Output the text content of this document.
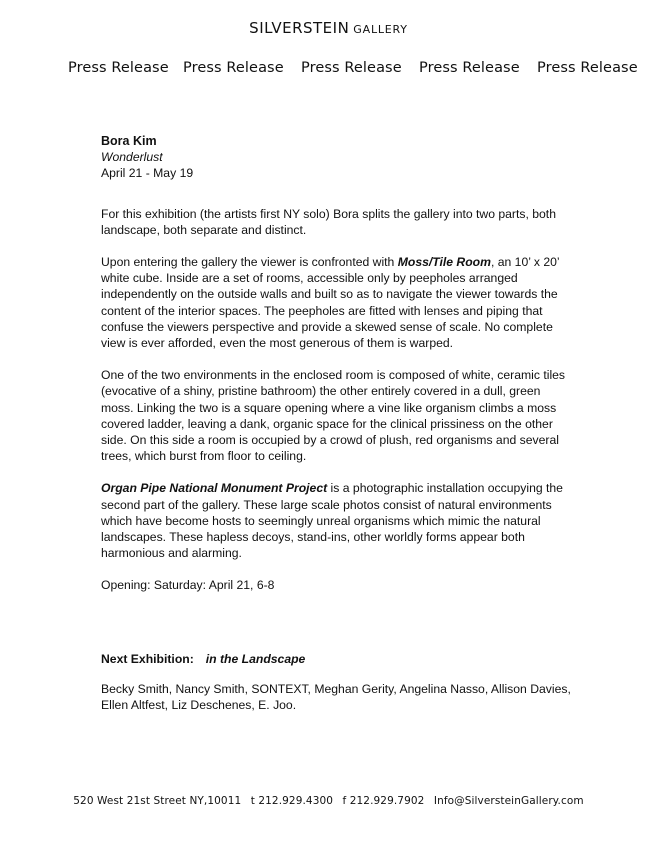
SILVERSTEIN GALLERY
Press Release Press Release Press Release Press Release Press Release
Bora Kim
Wonderlust
April 21 - May 19

For this exhibition (the artists first NY solo) Bora splits the gallery into two parts, both landscape, both separate and distinct.

Upon entering the gallery the viewer is confronted with Moss/Tile Room, an 10’ x 20’ white cube. Inside are a set of rooms, accessible only by peepholes arranged independently on the outside walls and built so as to navigate the viewer towards the content of the interior spaces. The peepholes are fitted with lenses and piping that confuse the viewers perspective and provide a skewed sense of scale. No complete view is ever afforded, even the most generous of them is warped.

One of the two environments in the enclosed room is composed of white, ceramic tiles (evocative of a shiny, pristine bathroom) the other entirely covered in a dull, green moss. Linking the two is a square opening where a vine like organism climbs a moss covered ladder, leaving a dank, organic space for the clinical prissiness on the other side. On this side a room is occupied by a crowd of plush, red organisms and several trees, which burst from floor to ceiling.

Organ Pipe National Monument Project is a photographic installation occupying the second part of the gallery. These large scale photos consist of natural environments which have become hosts to seemingly unreal organisms which mimic the natural landscapes. These hapless decoys, stand-ins, other worldly forms appear both harmonious and alarming.

Opening: Saturday: April 21, 6-8

Next Exhibition: in the Landscape
Becky Smith, Nancy Smith, SONTEXT, Meghan Gerity, Angelina Nasso, Allison Davies, Ellen Altfest, Liz Deschenes, E. Joo.
520 West 21st Street NY,10011 t 212.929.4300 f 212.929.7902 Info@SilversteinGallery.com
